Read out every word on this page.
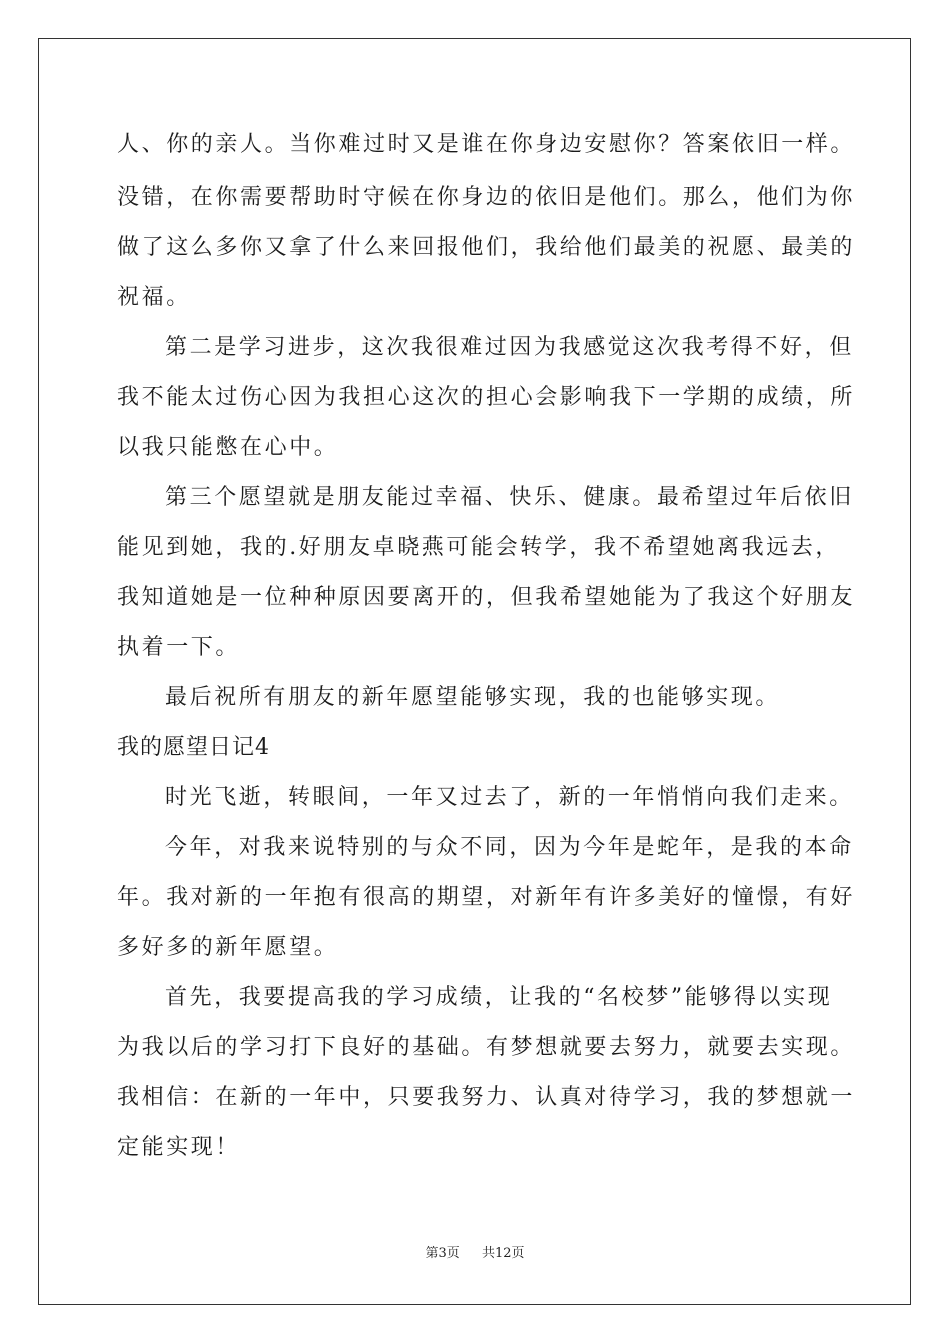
人、你的亲人。当你难过时又是谁在你身边安慰你？答案依旧一样。
没错，在你需要帮助时守候在你身边的依旧是他们。那么，他们为你
做了这么多你又拿了什么来回报他们，我给他们最美的祝愿、最美的
祝福。
第二是学习进步，这次我很难过因为我感觉这次我考得不好，但
我不能太过伤心因为我担心这次的担心会影响我下一学期的成绩，所
以我只能憋在心中。
第三个愿望就是朋友能过幸福、快乐、健康。最希望过年后依旧
能见到她，我的.好朋友卓晓燕可能会转学，我不希望她离我远去，
我知道她是一位种种原因要离开的，但我希望她能为了我这个好朋友
执着一下。
最后祝所有朋友的新年愿望能够实现，我的也能够实现。
我的愿望日记4
时光飞逝，转眼间，一年又过去了，新的一年悄悄向我们走来。
今年，对我来说特别的与众不同，因为今年是蛇年，是我的本命
年。我对新的一年抱有很高的期望，对新年有许多美好的憧憬，有好
多好多的新年愿望。
首先，我要提高我的学习成绩，让我的“名校梦”能够得以实现
为我以后的学习打下良好的基础。有梦想就要去努力，就要去实现。
我相信：在新的一年中，只要我努力、认真对待学习，我的梦想就一
定能实现！
第3页 共12页
